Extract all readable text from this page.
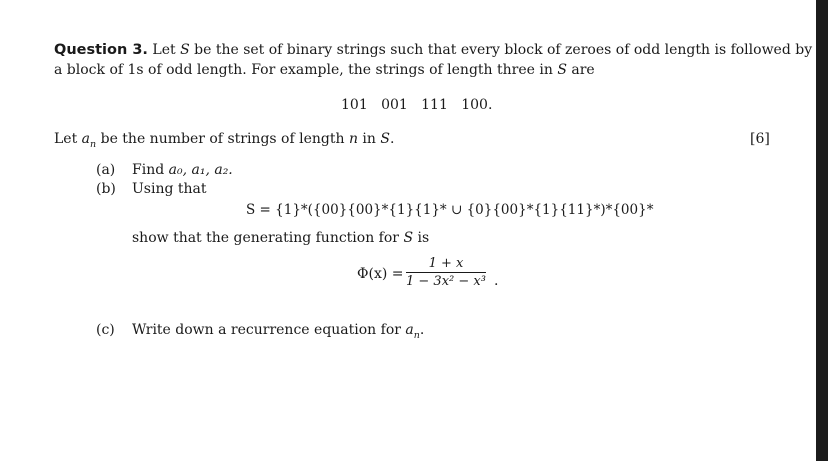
Question 3. Let S be the set of binary strings such that every block of zeroes of odd length is followed by
a block of 1s of odd length. For example, the strings of length three in S are
101   001   111   100.
Let $a_n$ be the number of strings of length n in S.	[6]
(a) Find a₀, a₁, a₂.
(b) Using that
S = {1}*({00}{00}*{1}{1}* ∪ {0}{00}*{1}{11}*)*{00}*
show that the generating function for S is
$\Phi(x) = \frac{1 + x}{\text{1 − 3x² − x³}}$ .
(c) Write down a recurrence equation for $a_n$.
